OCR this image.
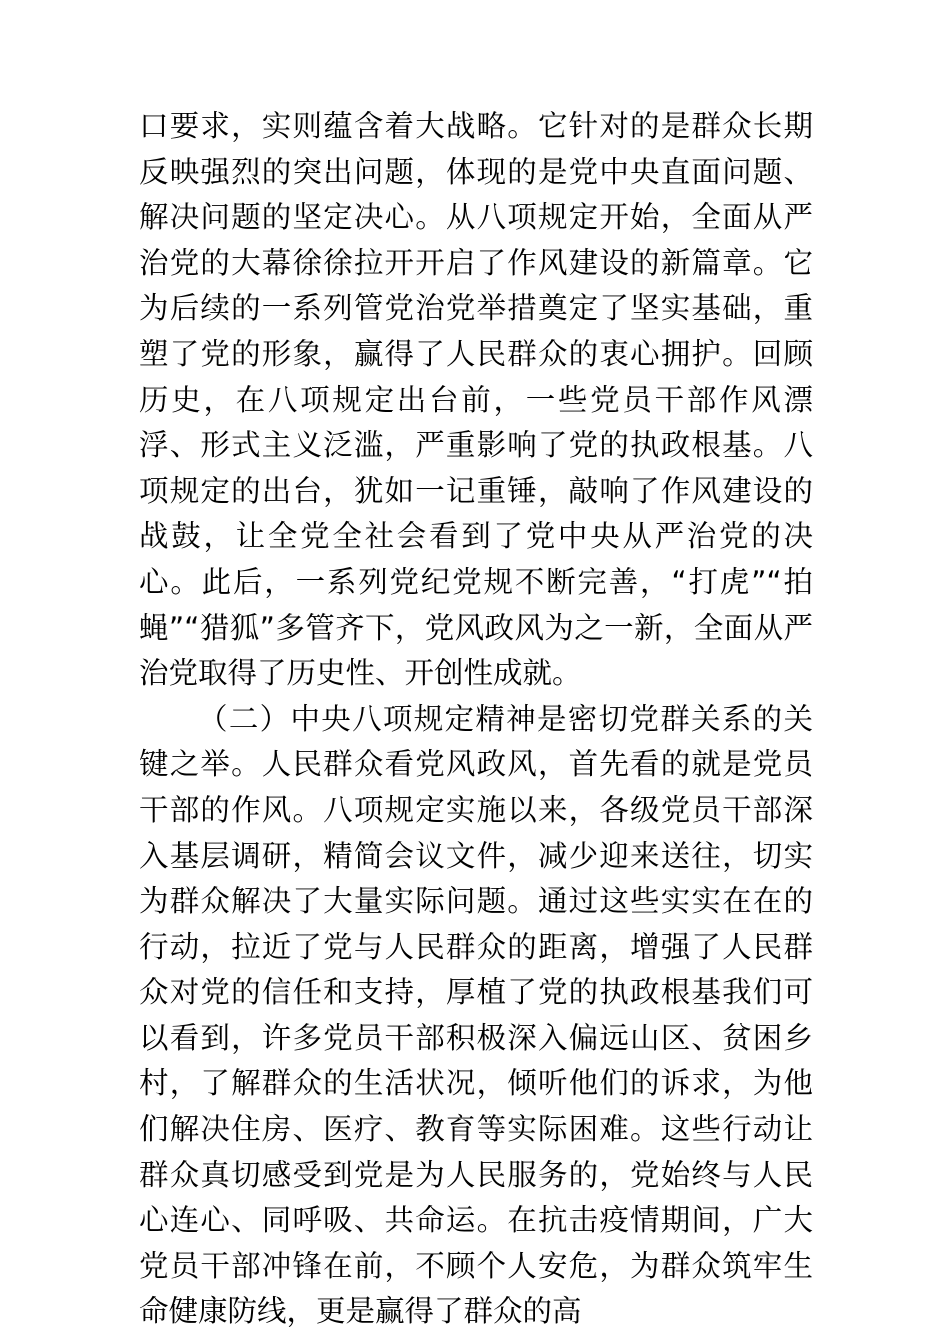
口要求，实则蕴含着大战略。它针对的是群众长期反映强烈的突出问题，体现的是党中央直面问题、解决问题的坚定决心。从八项规定开始，全面从严治党的大幕徐徐拉开开启了作风建设的新篇章。它为后续的一系列管党治党举措奠定了坚实基础，重塑了党的形象，赢得了人民群众的衷心拥护。回顾历史，在八项规定出台前，一些党员干部作风漂浮、形式主义泛滥，严重影响了党的执政根基。八项规定的出台，犹如一记重锤，敲响了作风建设的战鼓，让全党全社会看到了党中央从严治党的决心。此后，一系列党纪党规不断完善，“打虎”“拍蝇”“猎狐”多管齐下，党风政风为之一新，全面从严治党取得了历史性、开创性成就。

（二）中央八项规定精神是密切党群关系的关键之举。人民群众看党风政风，首先看的就是党员干部的作风。八项规定实施以来，各级党员干部深入基层调研，精简会议文件，减少迎来送往，切实为群众解决了大量实际问题。通过这些实实在在的行动，拉近了党与人民群众的距离，增强了人民群众对党的信任和支持，厚植了党的执政根基我们可以看到，许多党员干部积极深入偏远山区、贫困乡村，了解群众的生活状况，倾听他们的诉求，为他们解决住房、医疗、教育等实际困难。这些行动让群众真切感受到党是为人民服务的，党始终与人民心连心、同呼吸、共命运。在抗击疫情期间，广大党员干部冲锋在前，不顾个人安危，为群众筑牢生命健康防线，更是赢得了群众的高
